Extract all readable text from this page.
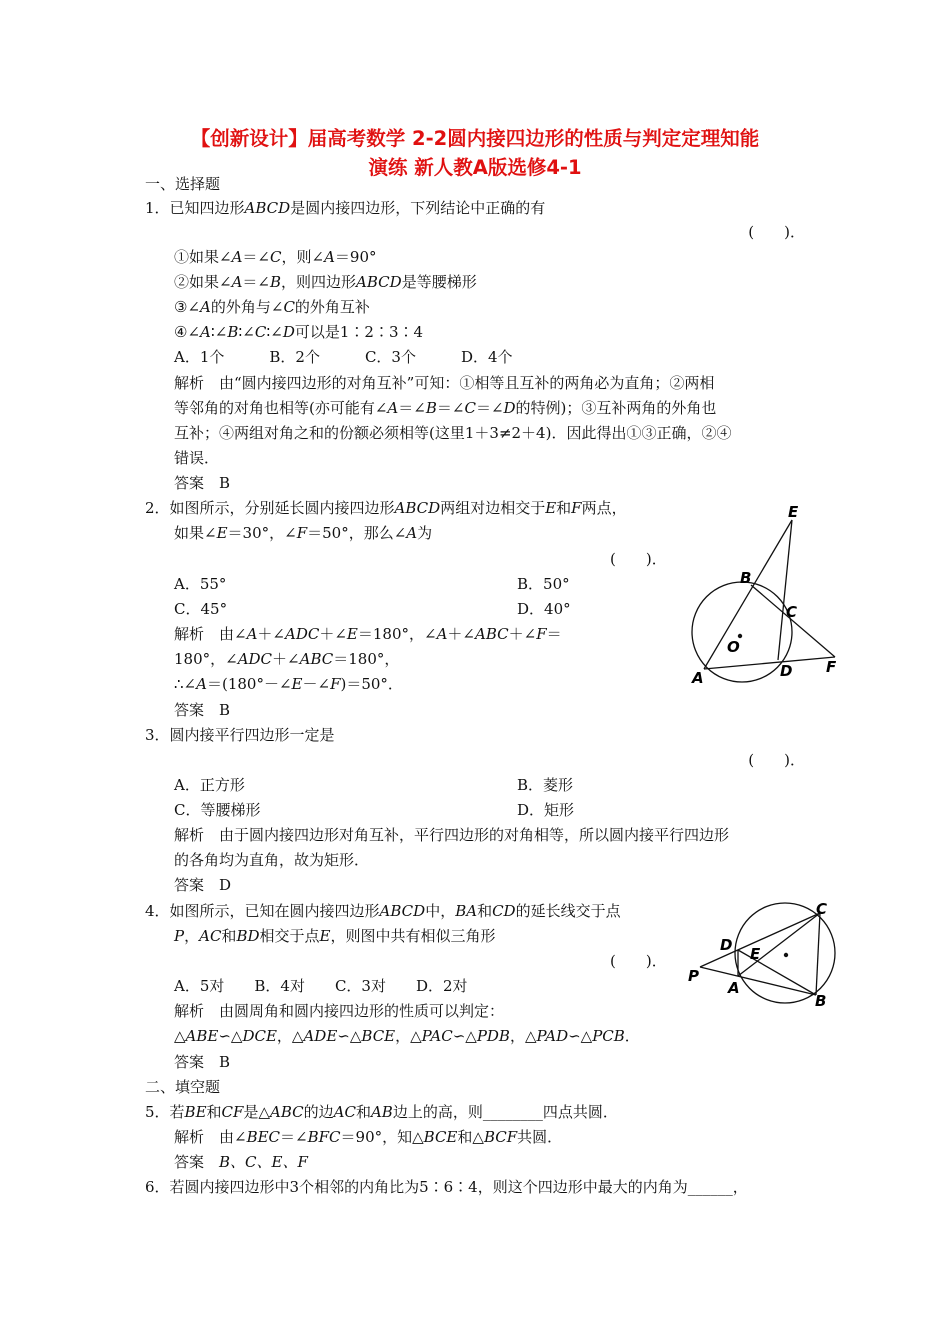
【创新设计】届高考数学 2-2圆内接四边形的性质与判定定理知能
演练 新人教A版选修4-1
一、选择题
1．已知四边形ABCD是圆内接四边形，下列结论中正确的有
(　　)．
①如果∠A＝∠C，则∠A＝90°
②如果∠A＝∠B，则四边形ABCD是等腰梯形
③∠A的外角与∠C的外角互补
④∠A∶∠B∶∠C∶∠D可以是1∶2∶3∶4
A．1个　　　B．2个　　　C．3个　　　D．4个
解析　由“圆内接四边形的对角互补”可知：①相等且互补的两角必为直角；②两相
等邻角的对角也相等(亦可能有∠A＝∠B＝∠C＝∠D的特例)；③互补两角的外角也
互补；④两组对角之和的份额必须相等(这里1＋3≠2＋4)．因此得出①③正确，②④
错误．
答案　B
2．如图所示，分别延长圆内接四边形ABCD两组对边相交于E和F两点，
如果∠E＝30°，∠F＝50°，那么∠A为
(　　)．
A．55°	B．50°
C．45°	D．40°
解析　由∠A＋∠ADC＋∠E＝180°，∠A＋∠ABC＋∠F＝
180°，∠ADC＋∠ABC＝180°，
∴∠A＝(180°－∠E－∠F)＝50°．
答案　B
E
B
C
O
A	D F
3．圆内接平行四边形一定是
(　　)．
A．正方形	B．菱形
C．等腰梯形	D．矩形
解析　由于圆内接四边形对角互补，平行四边形的对角相等，所以圆内接平行四边形
的各角均为直角，故为矩形．
答案　D
4．如图所示，已知在圆内接四边形ABCD中，BA和CD的延长线交于点
P，AC和BD相交于点E，则图中共有相似三角形
(　　)．
A．5对　　B．4对　　C．3对　　D．2对
解析　由圆周角和圆内接四边形的性质可以判定：
△ABE∽△DCE，△ADE∽△BCE，△PAC∽△PDB，△PAD∽△PCB．
答案　B
C
D E
P
A
B
二、填空题
5．若BE和CF是△ABC的边AC和AB边上的高，则________四点共圆．
解析　由∠BEC＝∠BFC＝90°，知△BCE和△BCF共圆．
答案　B、C、E、F
6．若圆内接四边形中3个相邻的内角比为5∶6∶4，则这个四边形中最大的内角为______，
